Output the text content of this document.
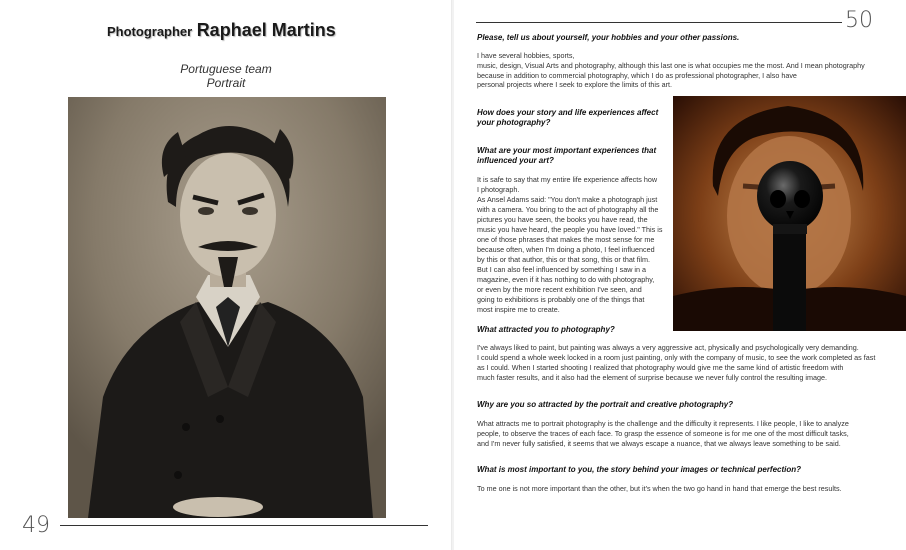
Photographer Raphael Martins
Portuguese team
Portrait
49
50
Please, tell us about yourself, your hobbies and your other passions.
I have several hobbies, sports,
music, design, Visual Arts and photography, although this last one is what occupies me the most. And I mean photography
because in addition to commercial photography, which I do as professional photographer, I also have
personal projects where I seek to explore the limits of this art.
How does your story and life experiences affect
your photography?
What are your most important experiences that
influenced your art?
It is safe to say that my entire life experience affects how
I photograph.
As Ansel Adams said: "You don't make a photograph just
with a camera. You bring to the act of photography all the
pictures you have seen, the books you have read, the
music you have heard, the people you have loved." This is
one of those phrases that makes the most sense for me
because often, when I'm doing a photo, I feel influenced
by this or that author, this or that song, this or that film.
But I can also feel influenced by something I saw in a
magazine, even if it has nothing to do with photography,
or even by the more recent exhibition I've seen, and
going to exhibitions is probably one of the things that
most inspire me to create.
What attracted you to photography?
I've always liked to paint, but painting was always a very aggressive act, physically and psychologically very demanding.
I could spend a whole week locked in a room just painting, only with the company of music, to see the work completed as fast
as I could. When I started shooting I realized that photography would give me the same kind of artistic freedom with
much faster results, and it also had the element of surprise because we never fully control the resulting image.
Why are you so attracted by the portrait and creative photography?
What attracts me to portrait photography is the challenge and the difficulty it represents. I like people, I like to analyze
people, to observe the traces of each face. To grasp the essence of someone is for me one of the most difficult tasks,
and I'm never fully satisfied, it seems that we always escape a nuance, that we always leave something to be said.
What is most important to you, the story behind your images or technical perfection?
To me one is not more important than the other, but it's when the two go hand in hand that emerge the best results.
